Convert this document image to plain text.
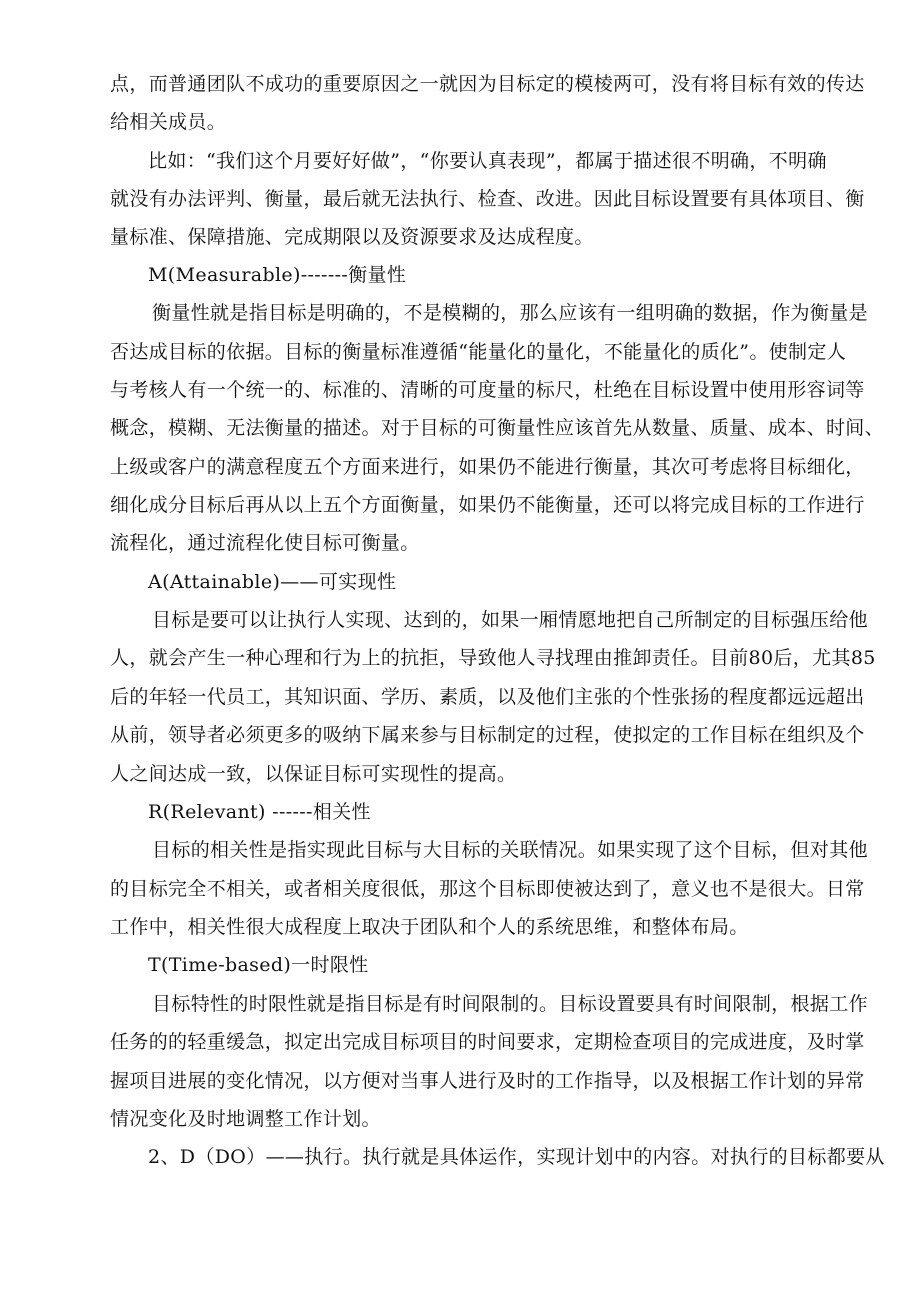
点，而普通团队不成功的重要原因之一就因为目标定的模棱两可，没有将目标有效的传达
给相关成员。
比如：“我们这个月要好好做”，“你要认真表现”，都属于描述很不明确，不明确
就没有办法评判、衡量，最后就无法执行、检查、改进。因此目标设置要有具体项目、衡
量标准、保障措施、完成期限以及资源要求及达成程度。
M(Measurable)-------衡量性
衡量性就是指目标是明确的，不是模糊的，那么应该有一组明确的数据，作为衡量是
否达成目标的依据。目标的衡量标准遵循“能量化的量化，不能量化的质化”。使制定人
与考核人有一个统一的、标准的、清晰的可度量的标尺，杜绝在目标设置中使用形容词等
概念，模糊、无法衡量的描述。对于目标的可衡量性应该首先从数量、质量、成本、时间、
上级或客户的满意程度五个方面来进行，如果仍不能进行衡量，其次可考虑将目标细化，
细化成分目标后再从以上五个方面衡量，如果仍不能衡量，还可以将完成目标的工作进行
流程化，通过流程化使目标可衡量。
A(Attainable)——可实现性
目标是要可以让执行人实现、达到的，如果一厢情愿地把自己所制定的目标强压给他
人，就会产生一种心理和行为上的抗拒，导致他人寻找理由推卸责任。目前80后，尤其85
后的年轻一代员工，其知识面、学历、素质，以及他们主张的个性张扬的程度都远远超出
从前，领导者必须更多的吸纳下属来参与目标制定的过程，使拟定的工作目标在组织及个
人之间达成一致，以保证目标可实现性的提高。
R(Relevant) ------相关性
目标的相关性是指实现此目标与大目标的关联情况。如果实现了这个目标，但对其他
的目标完全不相关，或者相关度很低，那这个目标即使被达到了，意义也不是很大。日常
工作中，相关性很大成程度上取决于团队和个人的系统思维，和整体布局。
T(Time-based)一时限性
目标特性的时限性就是指目标是有时间限制的。目标设置要具有时间限制，根据工作
任务的的轻重缓急，拟定出完成目标项目的时间要求，定期检查项目的完成进度，及时掌
握项目进展的变化情况，以方便对当事人进行及时的工作指导，以及根据工作计划的异常
情况变化及时地调整工作计划。
2、D（DO）——执行。执行就是具体运作，实现计划中的内容。对执行的目标都要从
